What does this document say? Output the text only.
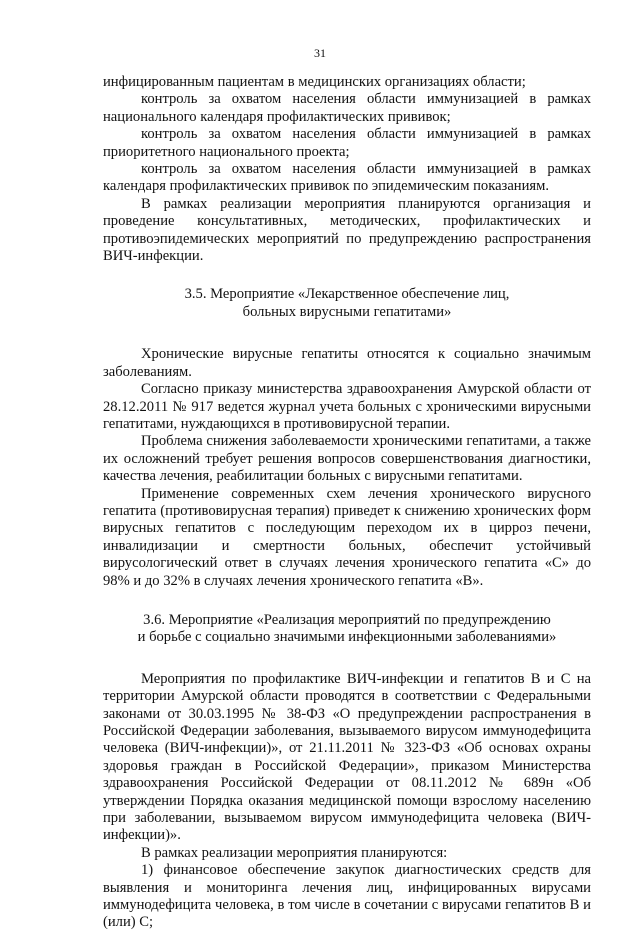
31

инфицированным пациентам в медицинских организациях области;

контроль за охватом населения области иммунизацией в рамках национального календаря профилактических прививок;

контроль за охватом населения области иммунизацией в рамках приоритетного национального проекта;

контроль за охватом населения области иммунизацией в рамках календаря профилактических прививок по эпидемическим показаниям.

В рамках реализации мероприятия планируются организация и проведение консультативных, методических, профилактических и противоэпидемических мероприятий по предупреждению распространения ВИЧ-инфекции.

3.5. Мероприятие «Лекарственное обеспечение лиц,
больных вирусными гепатитами»

Хронические вирусные гепатиты относятся к социально значимым заболеваниям.

Согласно приказу министерства здравоохранения Амурской области от 28.12.2011 № 917 ведется журнал учета больных с хроническими вирусными гепатитами, нуждающихся в противовирусной терапии.

Проблема снижения заболеваемости хроническими гепатитами, а также их осложнений требует решения вопросов совершенствования диагностики, качества лечения, реабилитации больных с вирусными гепатитами.

Применение современных схем лечения хронического вирусного гепатита (противовирусная терапия) приведет к снижению хронических форм вирусных гепатитов с последующим переходом их в цирроз печени, инвалидизации и смертности больных, обеспечит устойчивый вирусологический ответ в случаях лечения хронического гепатита «С» до 98% и до 32% в случаях лечения хронического гепатита «В».

3.6. Мероприятие «Реализация мероприятий по предупреждению
и борьбе с социально значимыми инфекционными заболеваниями»

Мероприятия по профилактике ВИЧ-инфекции и гепатитов В и С на территории Амурской области проводятся в соответствии с Федеральными законами от 30.03.1995 № 38-ФЗ «О предупреждении распространения в Российской Федерации заболевания, вызываемого вирусом иммунодефицита человека (ВИЧ-инфекции)», от 21.11.2011 № 323-ФЗ «Об основах охраны здоровья граждан в Российской Федерации», приказом Министерства здравоохранения Российской Федерации от 08.11.2012 № 689н «Об утверждении Порядка оказания медицинской помощи взрослому населению при заболевании, вызываемом вирусом иммунодефицита человека (ВИЧ-инфекции)».

В рамках реализации мероприятия планируются:

1) финансовое обеспечение закупок диагностических средств для выявления и мониторинга лечения лиц, инфицированных вирусами иммунодефицита человека, в том числе в сочетании с вирусами гепатитов В и (или) С;
